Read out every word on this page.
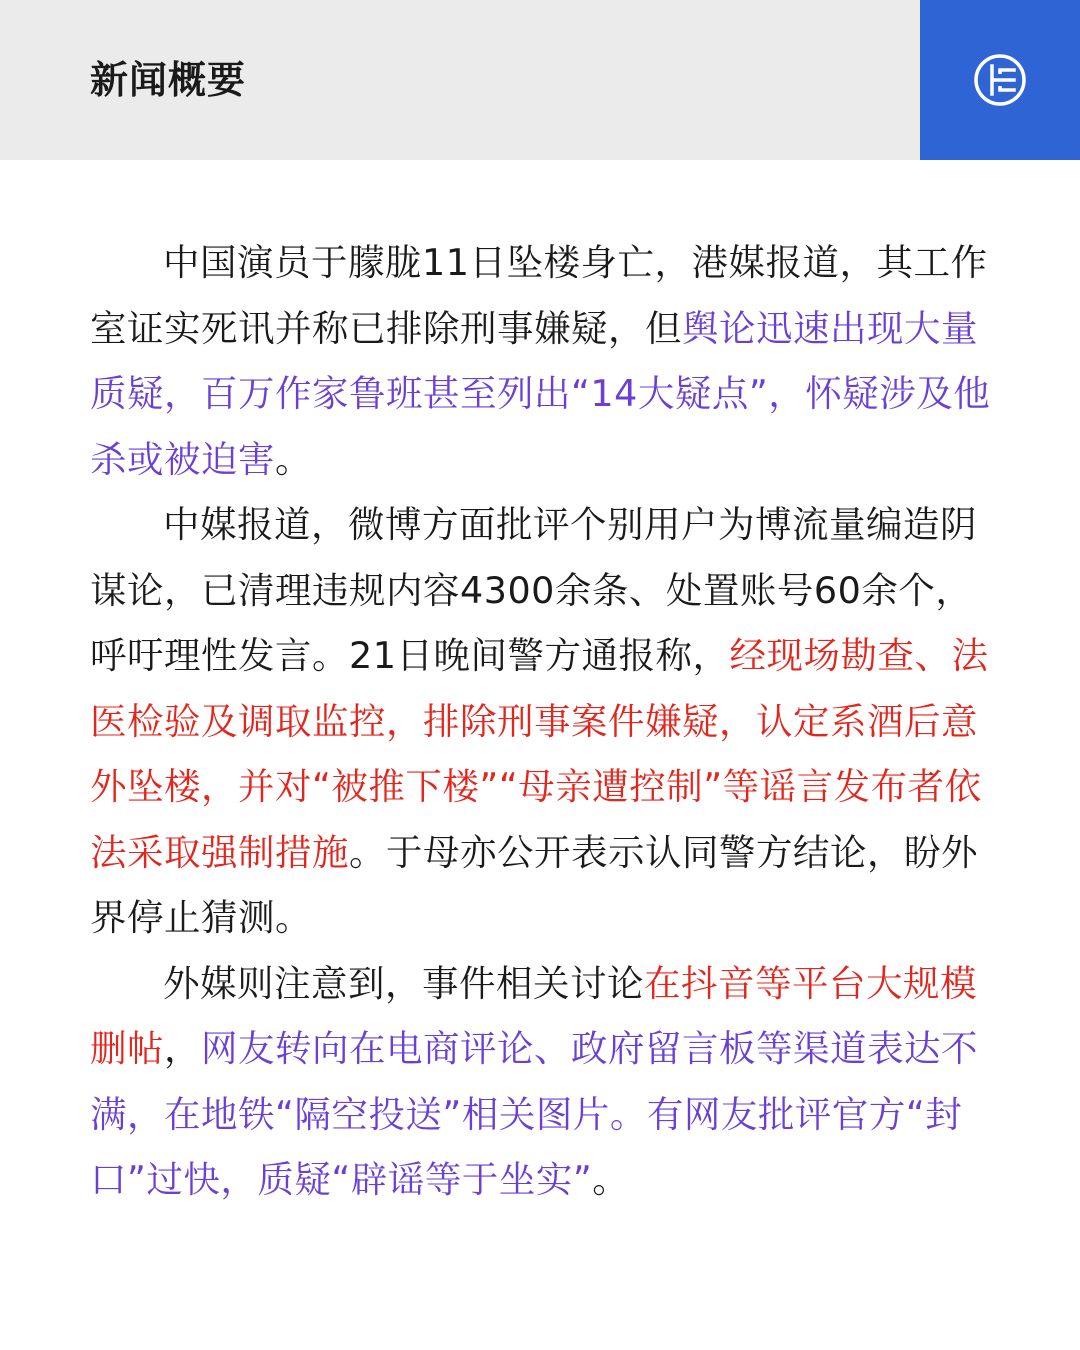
新闻概要

中国演员于朦胧11日坠楼身亡，港媒报道，其工作室证实死讯并称已排除刑事嫌疑，但舆论迅速出现大量质疑，百万作家鲁班甚至列出“14大疑点”，怀疑涉及他杀或被迫害。

中媒报道，微博方面批评个别用户为博流量编造阴谋论，已清理违规内容4300余条、处置账号60余个，呼吁理性发言。21日晚间警方通报称，经现场勘查、法医检验及调取监控，排除刑事案件嫌疑，认定系酒后意外坠楼，并对“被推下楼”“母亲遭控制”等谣言发布者依法采取强制措施。于母亦公开表示认同警方结论，盼外界停止猜测。

外媒则注意到，事件相关讨论在抖音等平台大规模删帖，网友转向在电商评论、政府留言板等渠道表达不满，在地铁“隔空投送”相关图片。有网友批评官方“封口”过快，质疑“辟谣等于坐实”。
